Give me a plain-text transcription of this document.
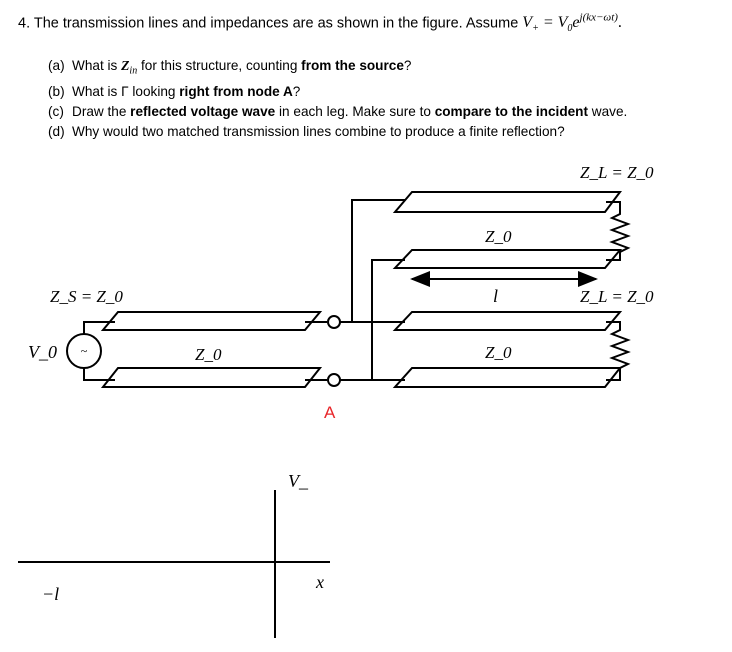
4. The transmission lines and impedances are as shown in the figure. Assume $V_+ = V_0e^{j(kx-\omega t)}$.
(a) What is $Z_{in}$ for this structure, counting from the source?
(b) What is Γ looking right from node A?
(c) Draw the reflected voltage wave in each leg. Make sure to compare to the incident wave.
(d) Why would two matched transmission lines combine to produce a finite reflection?
~
Z_L = Z_0
Z_0
l	Z_L = Z_0
Z_S = Z_0
V_0	Z_0	Z_0
A
V_
x
−l
